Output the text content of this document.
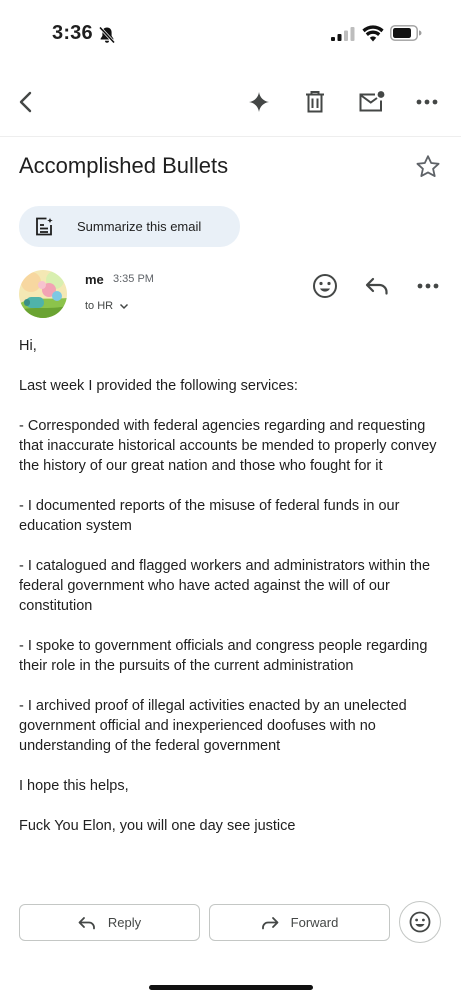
3:36
Accomplished Bullets
Summarize this email
me 3:35 PM
to HR

Hi,

Last week I provided the following services:

- Corresponded with federal agencies regarding and requesting that inaccurate historical accounts be mended to properly convey the history of our great nation and those who fought for it

- I documented reports of the misuse of federal funds in our education system

- I catalogued and flagged workers and administrators within the federal government who have acted against the will of our constitution

- I spoke to government officials and congress people regarding their role in the pursuits of the current administration

- I archived proof of illegal activities enacted by an unelected government official and inexperienced doofuses with no understanding of the federal government

I hope this helps,

Fuck You Elon, you will one day see justice

Reply	Forward
